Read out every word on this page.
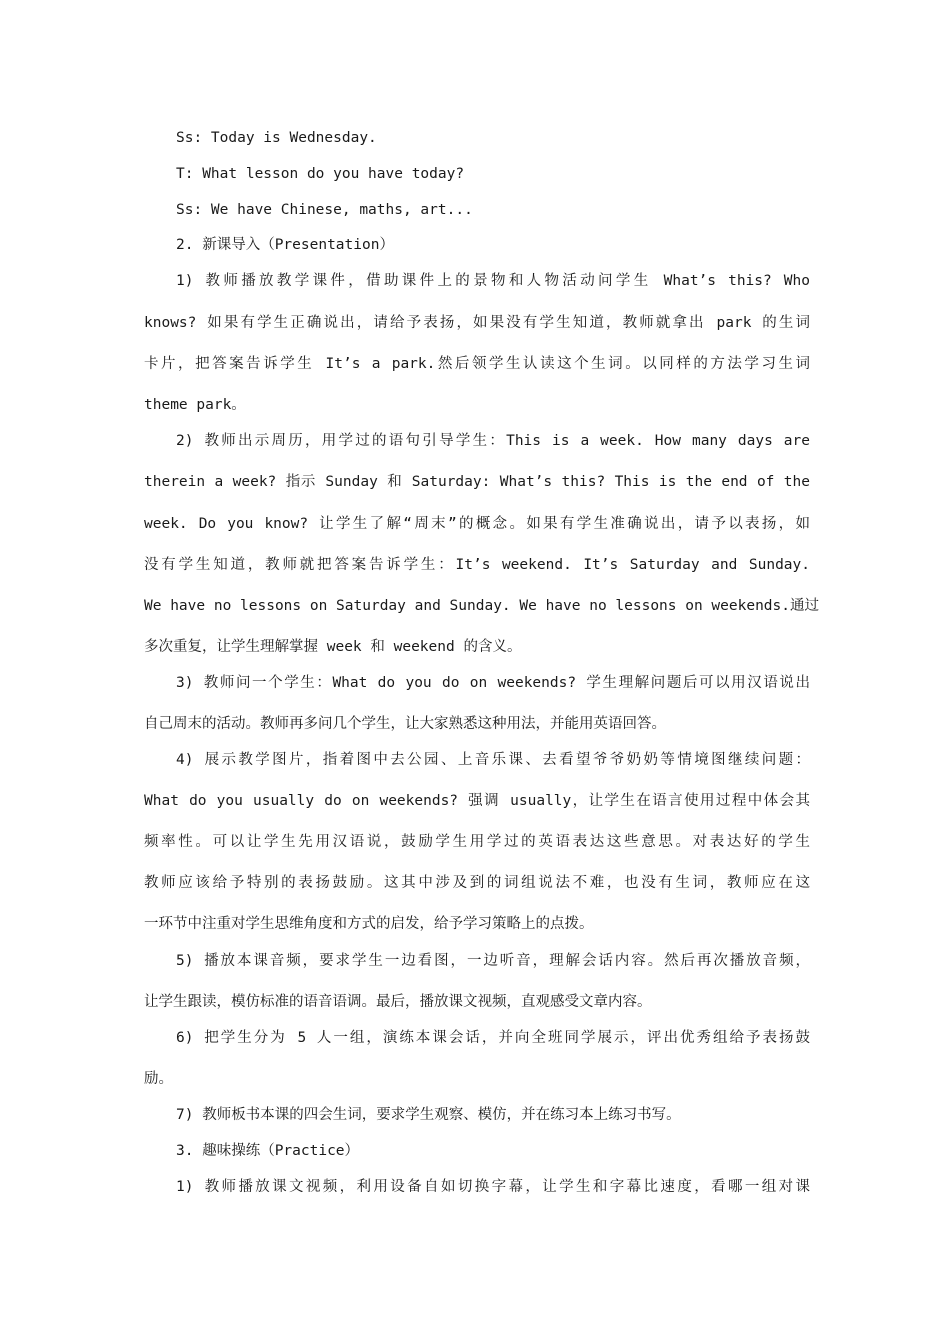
Ss: Today is Wednesday.
T: What lesson do you have today?
Ss: We have Chinese, maths, art...
2. 新课导入（Presentation）
1) 教师播放教学课件，借助课件上的景物和人物活动问学生 What’s this? Who
knows? 如果有学生正确说出，请给予表扬，如果没有学生知道，教师就拿出 park 的生词
卡片，把答案告诉学生 It’s a park.然后领学生认读这个生词。以同样的方法学习生词
theme park。
2) 教师出示周历，用学过的语句引导学生：This is a week. How many days are
therein a week? 指示 Sunday 和 Saturday: What’s this? This is the end of the
week. Do you know? 让学生了解“周末”的概念。如果有学生准确说出，请予以表扬，如
没有学生知道，教师就把答案告诉学生：It’s weekend. It’s Saturday and Sunday.
We have no lessons on Saturday and Sunday. We have no lessons on weekends.通过
多次重复，让学生理解掌握 week 和 weekend 的含义。
3) 教师问一个学生：What do you do on weekends? 学生理解问题后可以用汉语说出
自己周末的活动。教师再多问几个学生，让大家熟悉这种用法，并能用英语回答。
4) 展示教学图片，指着图中去公园、上音乐课、去看望爷爷奶奶等情境图继续问题：
What do you usually do on weekends? 强调 usually，让学生在语言使用过程中体会其
频率性。可以让学生先用汉语说，鼓励学生用学过的英语表达这些意思。对表达好的学生
教师应该给予特别的表扬鼓励。这其中涉及到的词组说法不难，也没有生词，教师应在这
一环节中注重对学生思维角度和方式的启发，给予学习策略上的点拨。
5) 播放本课音频，要求学生一边看图，一边听音，理解会话内容。然后再次播放音频，
让学生跟读，模仿标准的语音语调。最后，播放课文视频，直观感受文章内容。
6) 把学生分为 5 人一组，演练本课会话，并向全班同学展示，评出优秀组给予表扬鼓
励。
7) 教师板书本课的四会生词，要求学生观察、模仿，并在练习本上练习书写。
3. 趣味操练（Practice）
1) 教师播放课文视频，利用设备自如切换字幕，让学生和字幕比速度，看哪一组对课
